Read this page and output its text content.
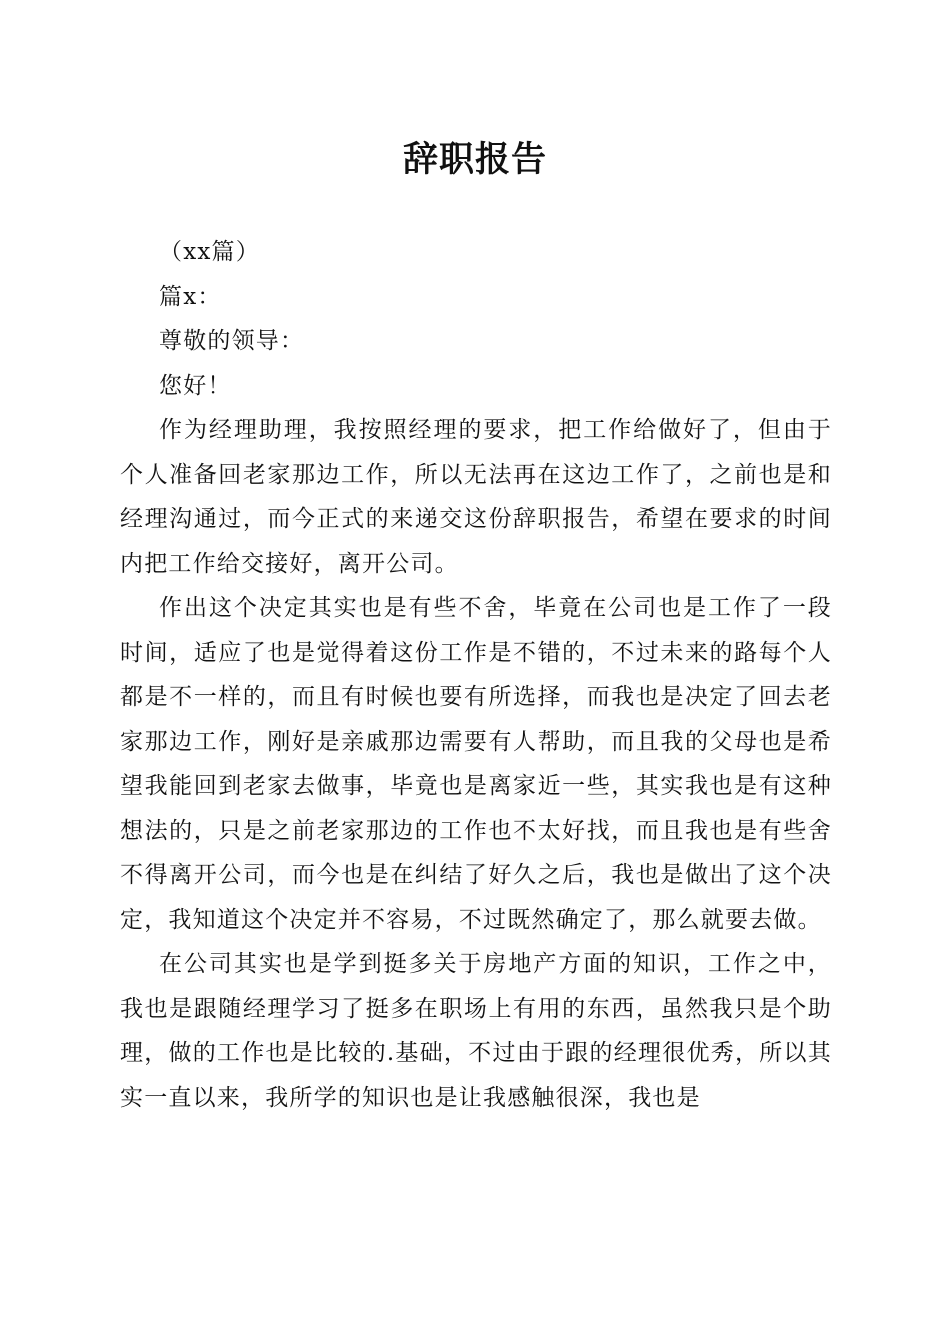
辞职报告

（xx篇）

篇x：

尊敬的领导：

您好！

作为经理助理，我按照经理的要求，把工作给做好了，但由于个人准备回老家那边工作，所以无法再在这边工作了，之前也是和经理沟通过，而今正式的来递交这份辞职报告，希望在要求的时间内把工作给交接好，离开公司。

作出这个决定其实也是有些不舍，毕竟在公司也是工作了一段时间，适应了也是觉得着这份工作是不错的，不过未来的路每个人都是不一样的，而且有时候也要有所选择，而我也是决定了回去老家那边工作，刚好是亲戚那边需要有人帮助，而且我的父母也是希望我能回到老家去做事，毕竟也是离家近一些，其实我也是有这种想法的，只是之前老家那边的工作也不太好找，而且我也是有些舍不得离开公司，而今也是在纠结了好久之后，我也是做出了这个决定，我知道这个决定并不容易，不过既然确定了，那么就要去做。

在公司其实也是学到挺多关于房地产方面的知识，工作之中，我也是跟随经理学习了挺多在职场上有用的东西，虽然我只是个助理，做的工作也是比较的.基础，不过由于跟的经理很优秀，所以其实一直以来，我所学的知识也是让我感触很深，我也是
